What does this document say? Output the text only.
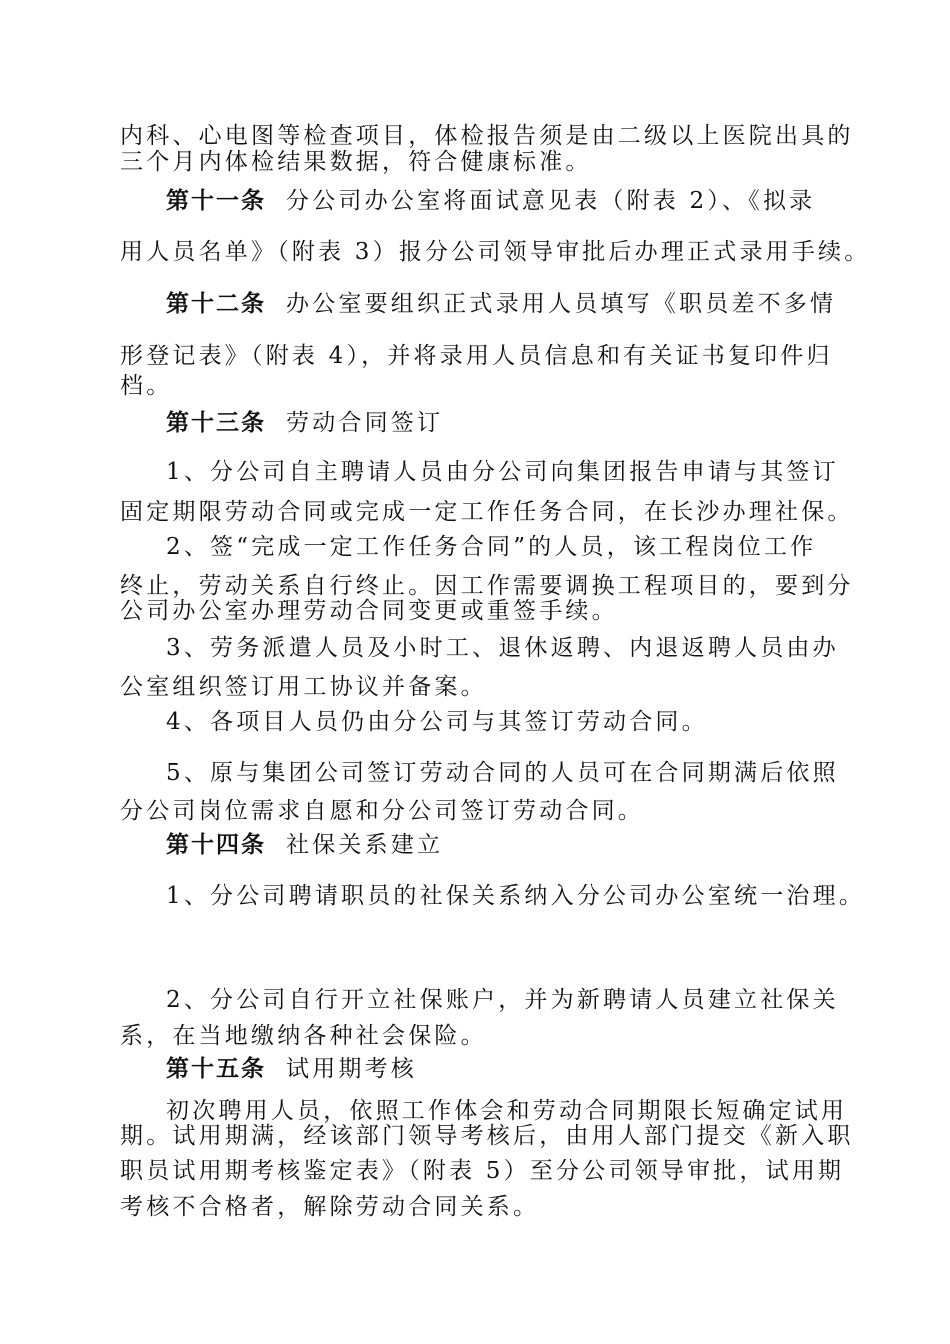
内科、心电图等检查项目，体检报告须是由二级以上医院出具的
三个月内体检结果数据，符合健康标准。
第十一条 分公司办公室将面试意见表（附表 2）、《拟录
用人员名单》（附表 3）报分公司领导审批后办理正式录用手续。
第十二条 办公室要组织正式录用人员填写《职员差不多情
形登记表》（附表 4），并将录用人员信息和有关证书复印件归
档。
第十三条 劳动合同签订
1、分公司自主聘请人员由分公司向集团报告申请与其签订
固定期限劳动合同或完成一定工作任务合同，在长沙办理社保。
2、签“完成一定工作任务合同”的人员，该工程岗位工作
终止，劳动关系自行终止。因工作需要调换工程项目的，要到分
公司办公室办理劳动合同变更或重签手续。
3、劳务派遣人员及小时工、退休返聘、内退返聘人员由办
公室组织签订用工协议并备案。
4、各项目人员仍由分公司与其签订劳动合同。
5、原与集团公司签订劳动合同的人员可在合同期满后依照
分公司岗位需求自愿和分公司签订劳动合同。
第十四条 社保关系建立
1、分公司聘请职员的社保关系纳入分公司办公室统一治理。
2、分公司自行开立社保账户，并为新聘请人员建立社保关
系，在当地缴纳各种社会保险。
第十五条 试用期考核
初次聘用人员，依照工作体会和劳动合同期限长短确定试用
期。试用期满，经该部门领导考核后，由用人部门提交《新入职
职员试用期考核鉴定表》（附表 5）至分公司领导审批，试用期
考核不合格者，解除劳动合同关系。
